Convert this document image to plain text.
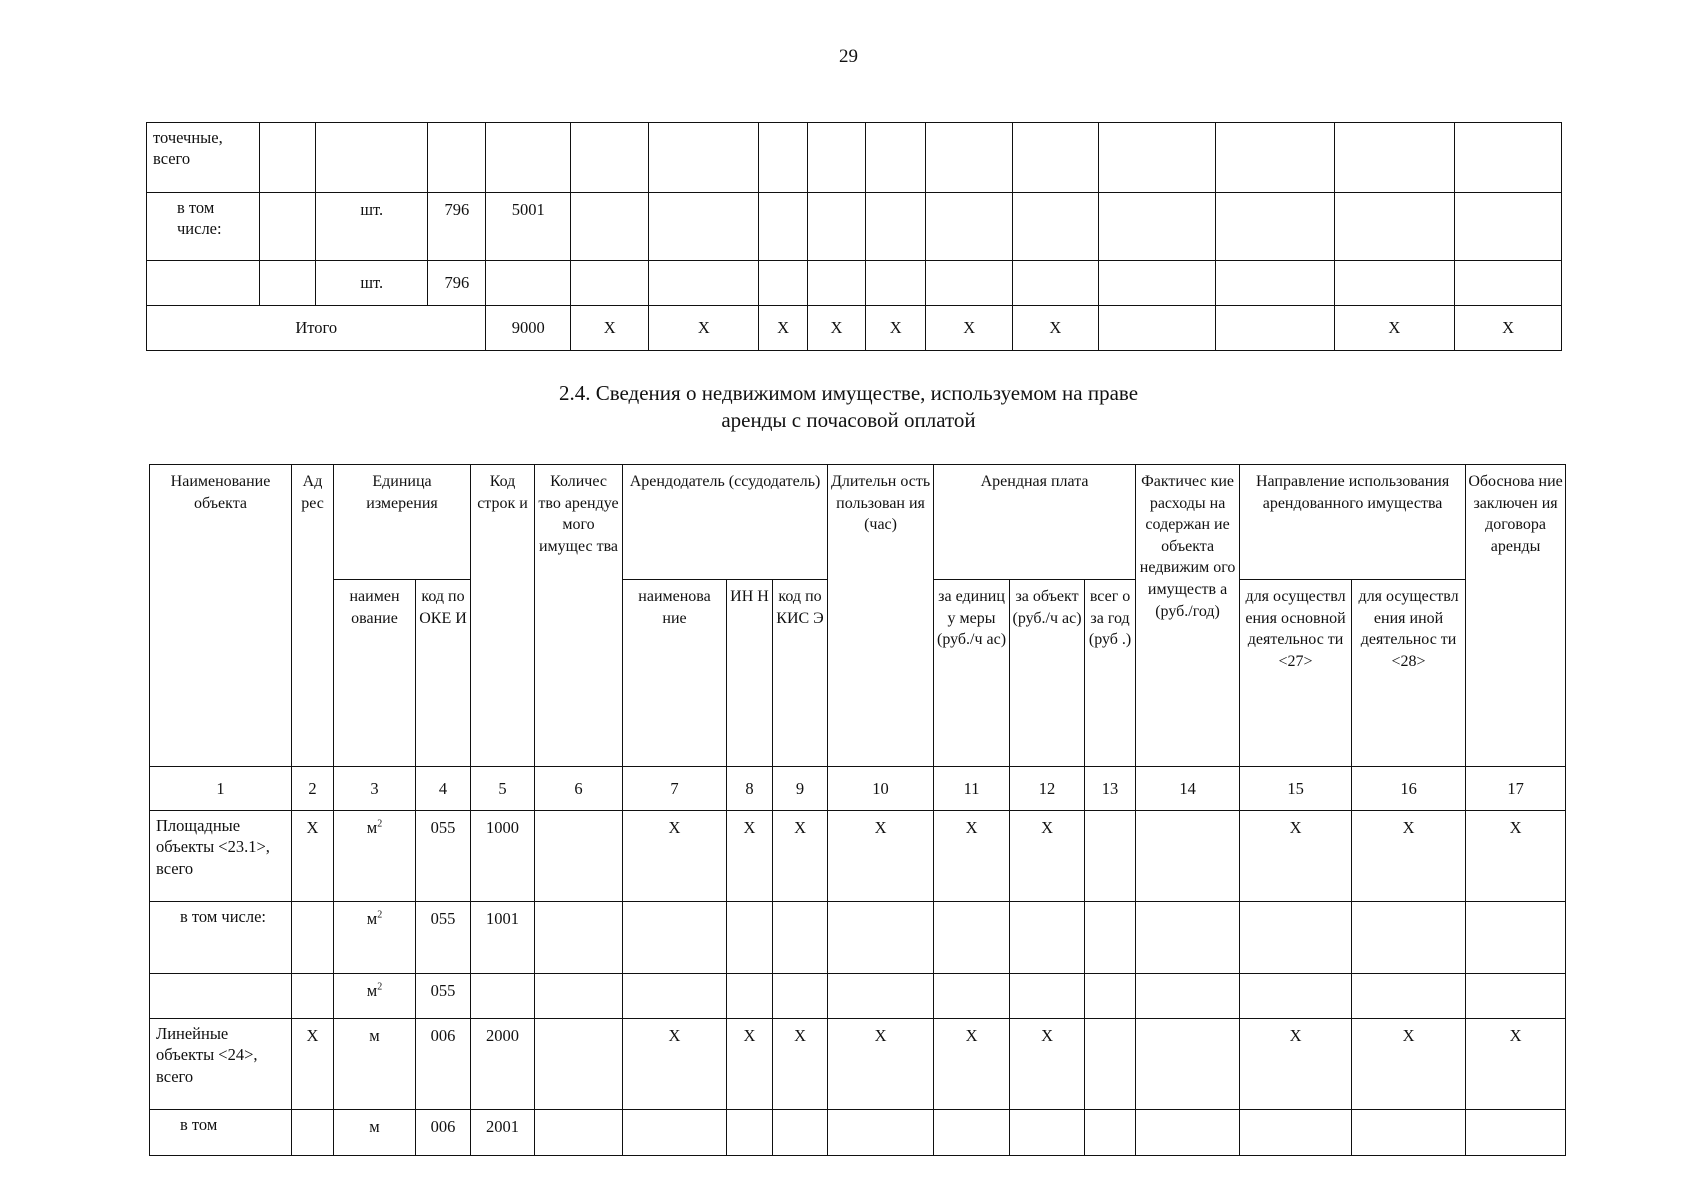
29
точечные, всего															
в том числе:		шт.	796	5001											
		шт.	796												
Итого				9000	X	X	X	X	X	X	X			X	X
2.4. Сведения о недвижимом имуществе, используемом на праве
аренды с почасовой оплатой
Наименование объекта	Ад рес	Единица измерения		Код строк и	Количес тво арендуе мого имущес тва	Арендодатель (ссудодатель)			Длительн ость пользован ия (час)	Арендная плата			Фактичес кие расходы на содержан ие объекта недвижим ого имуществ а (руб./год)	Направление использования арендованного имущества		Обоснова ние заключен ия договора аренды
		наимен ование	код по ОКЕ И			наименова ние	ИН Н	код по КИС Э		за единиц у меры (руб./ч ас)	за объект (руб./ч ас)	всег о за год (руб .)		для осуществл ения основной деятельнос ти <27>	для осуществл ения иной деятельнос ти <28>	
1	2	3	4	5	6	7	8	9	10	11	12	13	14	15	16	17
Площадные объекты <23.1>, всего	X	$м^2$	055	1000		X	X	X	X	X	X			X	X	X
в том числе:		$м^2$	055	1001												
		$м^2$	055													
Линейные объекты <24>, всего	X	м	006	2000		X	X	X	X	X	X			X	X	X
в том		м	006	2001												
